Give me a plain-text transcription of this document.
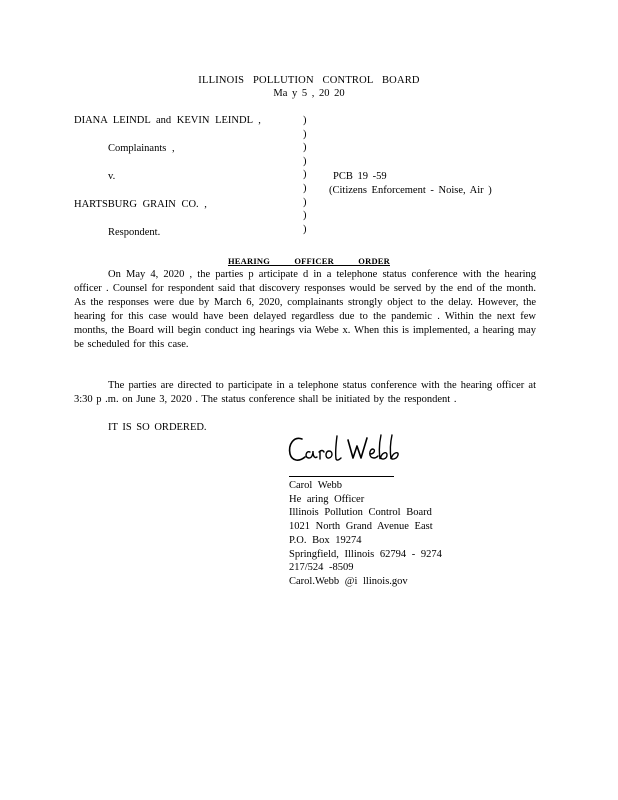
ILLINOIS POLLUTION CONTROL BOARD
Ma y 5 , 20 20
DIANA LEINDL and KEVIN LEINDL ,
Complainants ,
v.	PCB 19 -59
(Citizens Enforcement - Noise, Air )
HARTSBURG GRAIN CO. ,
Respondent.
)
)
)
)
)
)
)
)
)
HEARING OFFICER ORDER
On May 4, 2020 , the parties p articipate d in a telephone status conference with the hearing officer . Counsel for respondent said that discovery responses would be served by the end of the month. As the responses were due by March 6, 2020, complainants strongly object to the delay. However, the hearing for this case would have been delayed regardless due to the pandemic . Within the next few months, the Board will begin conduct ing hearings via Webe x. When this is implemented, a hearing may be scheduled for this case.
The parties are directed to participate in a telephone status conference with the hearing officer at 3:30 p .m. on June 3, 2020 . The status conference shall be initiated by the respondent .
IT IS SO ORDERED.
Carol Webb
He aring Officer
Illinois Pollution Control Board
1021 North Grand Avenue East
P.O. Box 19274
Springfield, Illinois 62794 - 9274
217/524 -8509
Carol.Webb @i llinois.gov
